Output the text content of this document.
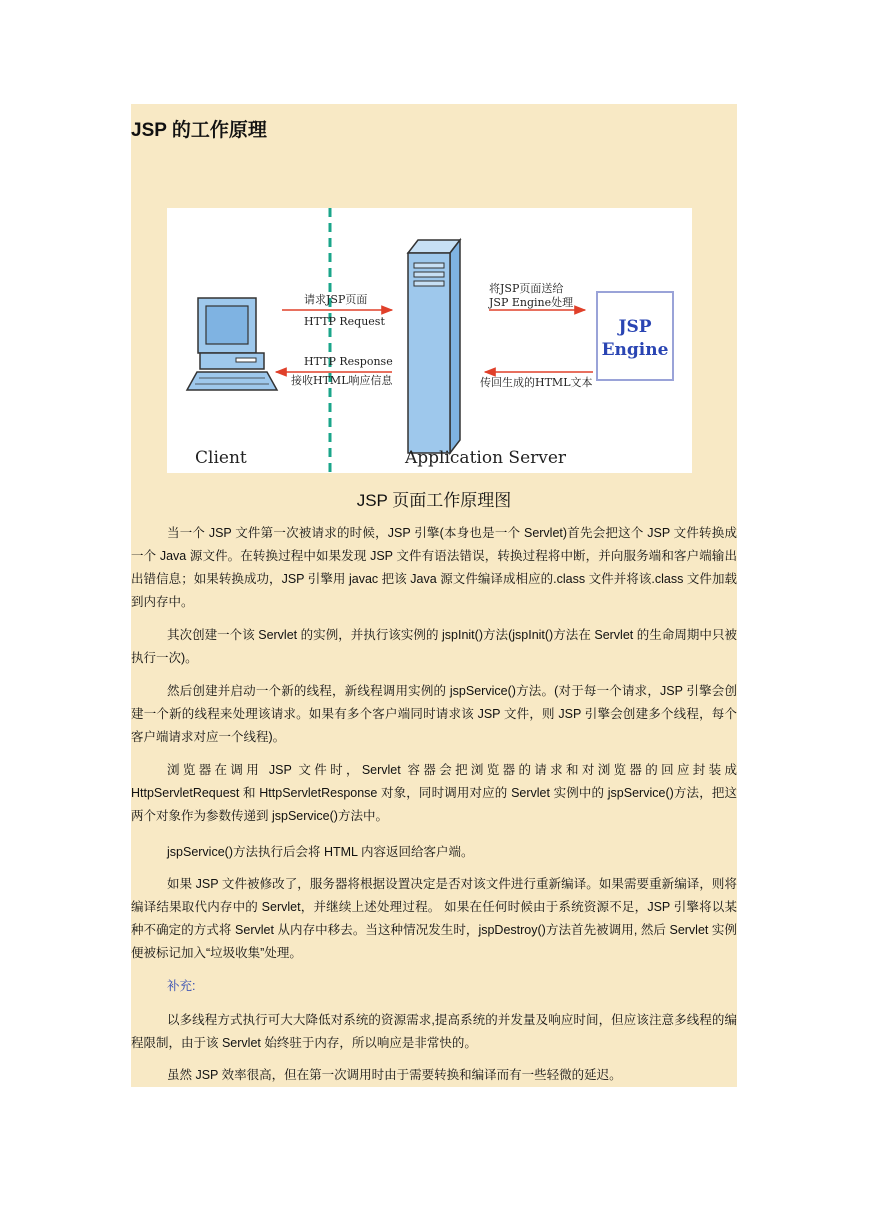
JSP 的工作原理
JSP
Engine
请求JSP页面
HTTP Request
HTTP Response
接收HTML响应信息
将JSP页面送给
JSP Engine处理
传回生成的HTML文本
Client	Application Server

JSP 页面工作原理图

当一个 JSP 文件第一次被请求的时候，JSP 引擎(本身也是一个 Servlet)首先会把这个 JSP 文件转换成一个 Java 源文件。在转换过程中如果发现 JSP 文件有语法错误，转换过程将中断，并向服务端和客户端输出出错信息；如果转换成功，JSP 引擎用 javac 把该 Java 源文件编译成相应的.class 文件并将该.class 文件加载到内存中。

其次创建一个该 Servlet 的实例，并执行该实例的 jspInit()方法(jspInit()方法在 Servlet 的生命周期中只被执行一次)。

然后创建并启动一个新的线程，新线程调用实例的 jspService()方法。(对于每一个请求，JSP 引擎会创建一个新的线程来处理该请求。如果有多个客户端同时请求该 JSP 文件，则 JSP 引擎会创建多个线程，每个客户端请求对应一个线程)。

浏览器在调用 JSP 文件时，Servlet 容器会把浏览器的请求和对浏览器的回应封装成 HttpServletRequest 和 HttpServletResponse 对象，同时调用对应的 Servlet 实例中的 jspService()方法，把这两个对象作为参数传递到 jspService()方法中。

jspService()方法执行后会将 HTML 内容返回给客户端。

如果 JSP 文件被修改了，服务器将根据设置决定是否对该文件进行重新编译。如果需要重新编译，则将编译结果取代内存中的 Servlet，并继续上述处理过程。 如果在任何时候由于系统资源不足，JSP 引擎将以某种不确定的方式将 Servlet 从内存中移去。当这种情况发生时，jspDestroy()方法首先被调用, 然后 Servlet 实例便被标记加入“垃圾收集”处理。

补充:

以多线程方式执行可大大降低对系统的资源需求,提高系统的并发量及响应时间，但应该注意多线程的编程限制，由于该 Servlet 始终驻于内存，所以响应是非常快的。

虽然 JSP 效率很高，但在第一次调用时由于需要转换和编译而有一些轻微的延迟。
